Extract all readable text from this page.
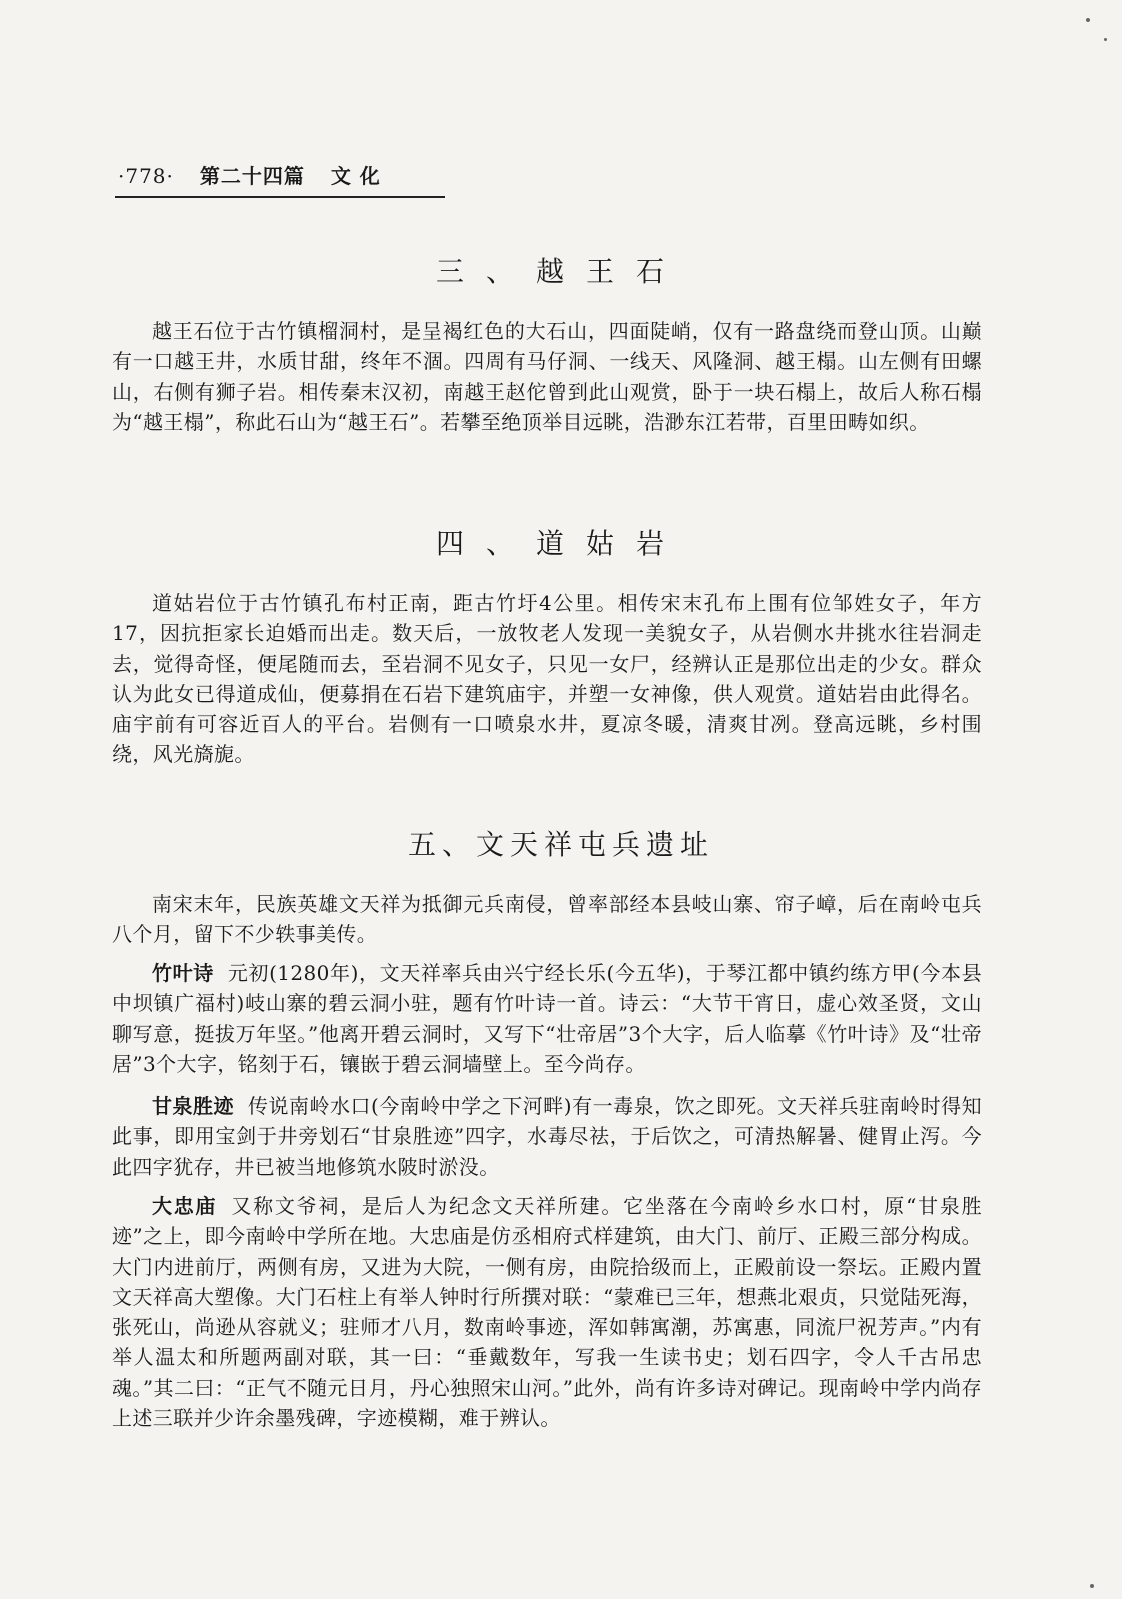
·778· 第二十四篇 文 化
三、越王石

越王石位于古竹镇榴洞村，是呈褐红色的大石山，四面陡峭，仅有一路盘绕而登山顶。山巅有一口越王井，水质甘甜，终年不涸。四周有马仔洞、一线天、风隆洞、越王榻。山左侧有田螺山，右侧有狮子岩。相传秦末汉初，南越王赵佗曾到此山观赏，卧于一块石榻上，故后人称石榻为“越王榻”，称此石山为“越王石”。若攀至绝顶举目远眺，浩渺东江若带，百里田畴如织。

四、道姑岩

道姑岩位于古竹镇孔布村正南，距古竹圩4公里。相传宋末孔布上围有位邹姓女子，年方17，因抗拒家长迫婚而出走。数天后，一放牧老人发现一美貌女子，从岩侧水井挑水往岩洞走去，觉得奇怪，便尾随而去，至岩洞不见女子，只见一女尸，经辨认正是那位出走的少女。群众认为此女已得道成仙，便募捐在石岩下建筑庙宇，并塑一女神像，供人观赏。道姑岩由此得名。庙宇前有可容近百人的平台。岩侧有一口喷泉水井，夏凉冬暖，清爽甘冽。登高远眺，乡村围绕，风光旖旎。

五、文天祥屯兵遗址

南宋末年，民族英雄文天祥为抵御元兵南侵，曾率部经本县岐山寨、帘子嶂，后在南岭屯兵八个月，留下不少轶事美传。

竹叶诗 元初(1280年)，文天祥率兵由兴宁经长乐(今五华)，于琴江都中镇约练方甲(今本县中坝镇广福村)岐山寨的碧云洞小驻，题有竹叶诗一首。诗云：“大节干宵日，虚心效圣贤，文山聊写意，挺拔万年坚。”他离开碧云洞时，又写下“壮帝居”3个大字，后人临摹《竹叶诗》及“壮帝居”3个大字，铭刻于石，镶嵌于碧云洞墙壁上。至今尚存。

甘泉胜迹 传说南岭水口(今南岭中学之下河畔)有一毒泉，饮之即死。文天祥兵驻南岭时得知此事，即用宝剑于井旁划石“甘泉胜迹”四字，水毒尽祛，于后饮之，可清热解暑、健胃止泻。今此四字犹存，井已被当地修筑水陂时淤没。

大忠庙 又称文爷祠，是后人为纪念文天祥所建。它坐落在今南岭乡水口村，原“甘泉胜迹”之上，即今南岭中学所在地。大忠庙是仿丞相府式样建筑，由大门、前厅、正殿三部分构成。大门内进前厅，两侧有房，又进为大院，一侧有房，由院拾级而上，正殿前设一祭坛。正殿内置文天祥高大塑像。大门石柱上有举人钟时行所撰对联：“蒙难已三年，想燕北艰贞，只觉陆死海，张死山，尚逊从容就义；驻师才八月，数南岭事迹，浑如韩寓潮，苏寓惠，同流尸祝芳声。”内有举人温太和所题两副对联，其一曰：“垂戴数年，写我一生读书史；划石四字，令人千古吊忠魂。”其二曰：“正气不随元日月，丹心独照宋山河。”此外，尚有许多诗对碑记。现南岭中学内尚存上述三联并少许余墨残碑，字迹模糊，难于辨认。
